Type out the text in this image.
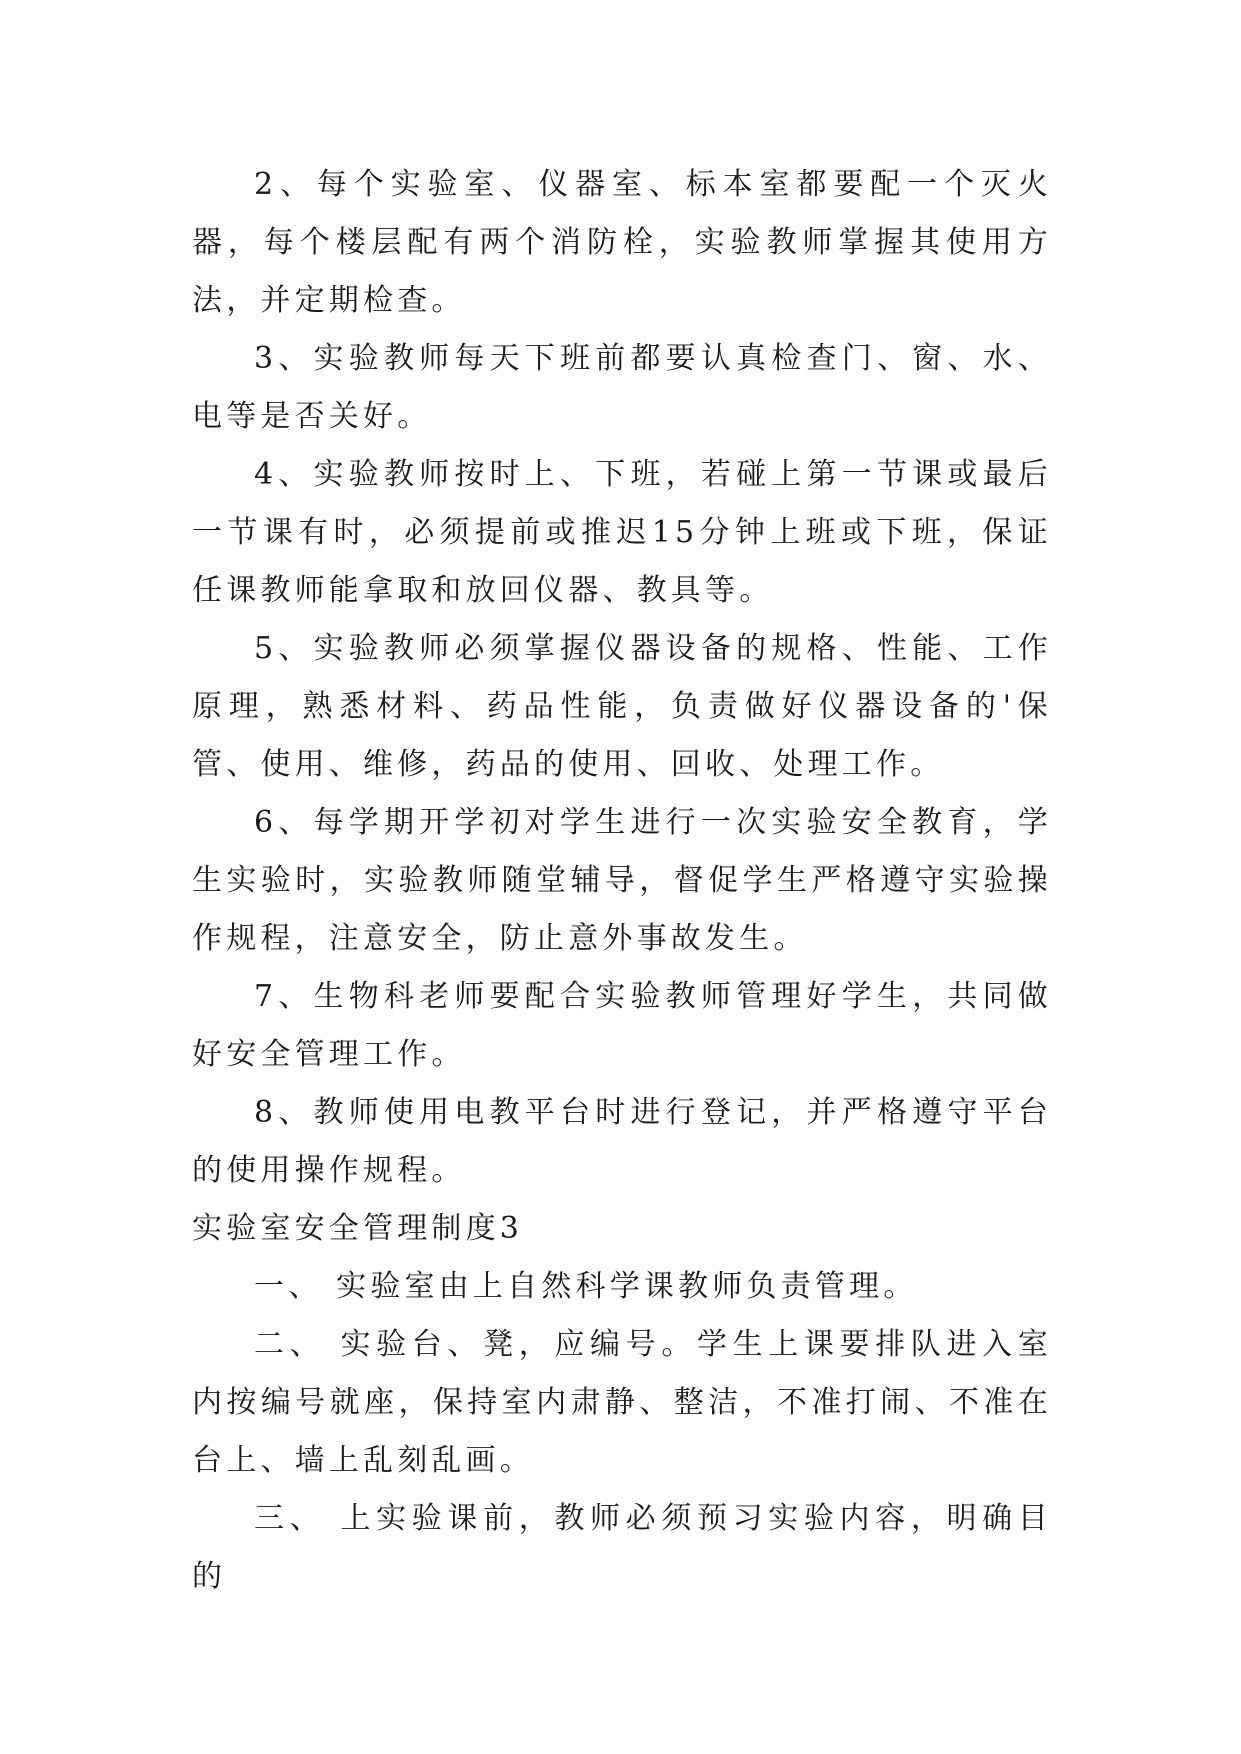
2、每个实验室、仪器室、标本室都要配一个灭火器，每个楼层配有两个消防栓，实验教师掌握其使用方法，并定期检查。

3、实验教师每天下班前都要认真检查门、窗、水、电等是否关好。

4、实验教师按时上、下班，若碰上第一节课或最后一节课有时，必须提前或推迟15分钟上班或下班，保证任课教师能拿取和放回仪器、教具等。

5、实验教师必须掌握仪器设备的规格、性能、工作原理，熟悉材料、药品性能，负责做好仪器设备的'保管、使用、维修，药品的使用、回收、处理工作。

6、每学期开学初对学生进行一次实验安全教育，学生实验时，实验教师随堂辅导，督促学生严格遵守实验操作规程，注意安全，防止意外事故发生。

7、生物科老师要配合实验教师管理好学生，共同做好安全管理工作。

8、教师使用电教平台时进行登记，并严格遵守平台的使用操作规程。

实验室安全管理制度3

一、 实验室由上自然科学课教师负责管理。

二、 实验台、凳，应编号。学生上课要排队进入室内按编号就座，保持室内肃静、整洁，不准打闹、不准在台上、墙上乱刻乱画。

三、 上实验课前，教师必须预习实验内容，明确目的
